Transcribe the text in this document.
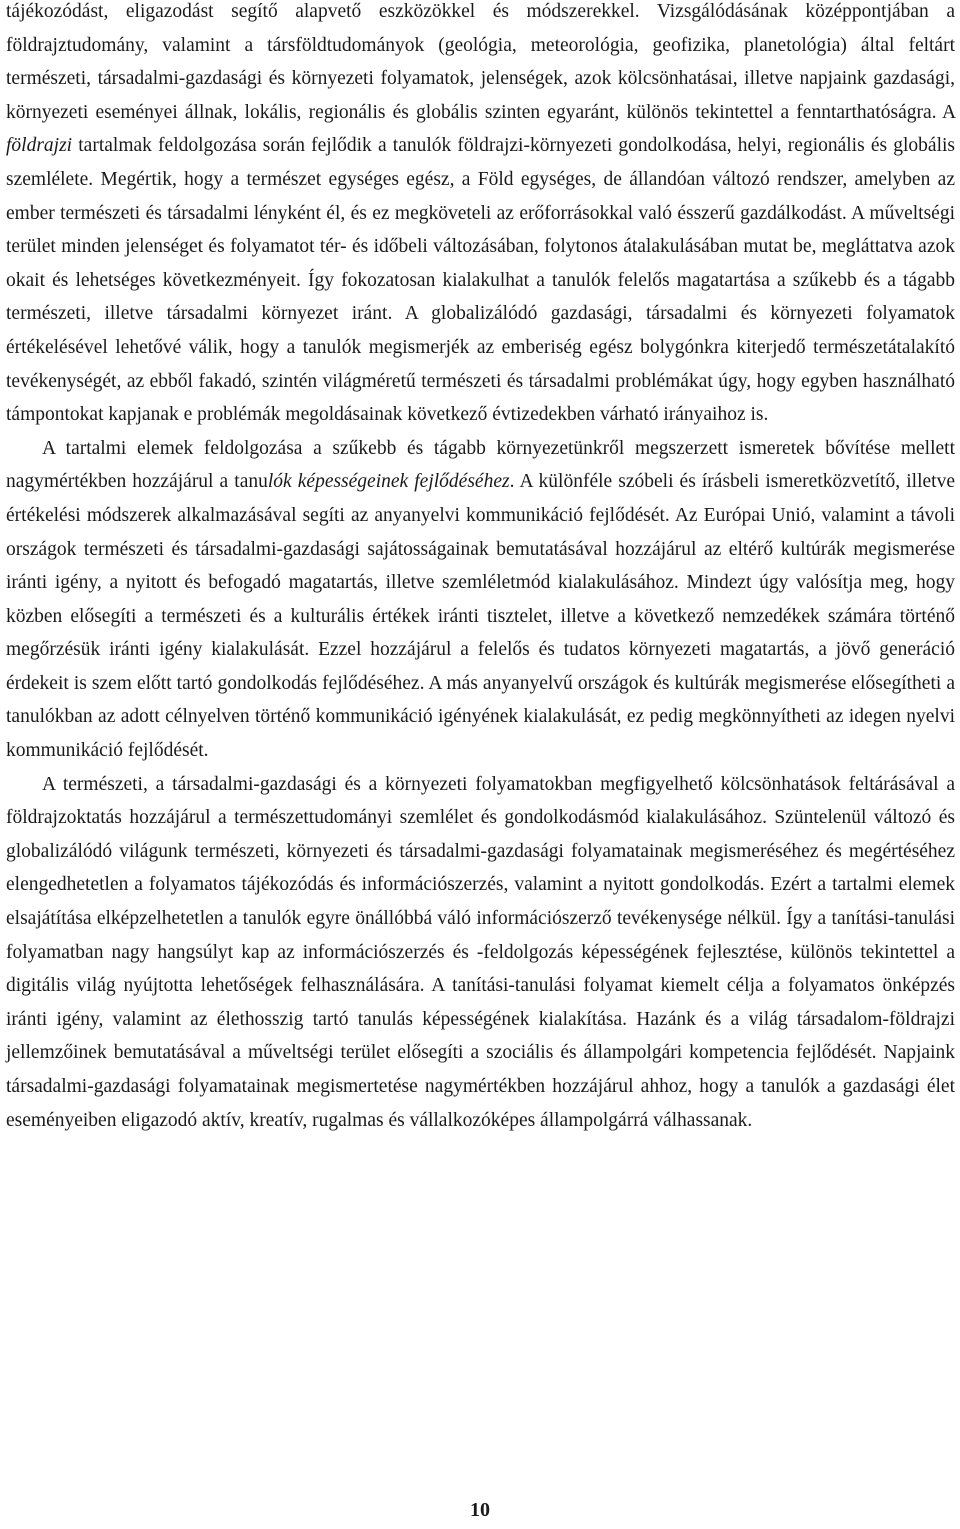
tájékozódást, eligazodást segítő alapvető eszközökkel és módszerekkel. Vizsgálódásának középpontjában a földrajztudomány, valamint a társföldtudományok (geológia, meteorológia, geofizika, planetológia) által feltárt természeti, társadalmi-gazdasági és környezeti folyamatok, jelenségek, azok kölcsönhatásai, illetve napjaink gazdasági, környezeti eseményei állnak, lokális, regionális és globális szinten egyaránt, különös tekintettel a fenntarthatóságra. A földrajzi tartalmak feldolgozása során fejlődik a tanulók földrajzi-környezeti gondolkodása, helyi, regionális és globális szemlélete. Megértik, hogy a természet egységes egész, a Föld egységes, de állandóan változó rendszer, amelyben az ember természeti és társadalmi lényként él, és ez megköveteli az erőforrásokkal való ésszerű gazdálkodást. A műveltségi terület minden jelenséget és folyamatot tér- és időbeli változásában, folytonos átalakulásában mutat be, megláttatva azok okait és lehetséges következményeit. Így fokozatosan kialakulhat a tanulók felelős magatartása a szűkebb és a tágabb természeti, illetve társadalmi környezet iránt. A globalizálódó gazdasági, társadalmi és környezeti folyamatok értékelésével lehetővé válik, hogy a tanulók megismerjék az emberiség egész bolygónkra kiterjedő természetátalakító tevékenységét, az ebből fakadó, szintén világméretű természeti és társadalmi problémákat úgy, hogy egyben használható támpontokat kapjanak e problémák megoldásainak következő évtizedekben várható irányaihoz is.

A tartalmi elemek feldolgozása a szűkebb és tágabb környezetünkről megszerzett ismeretek bővítése mellett nagymértékben hozzájárul a tanulók képességeinek fejlődéséhez. A különféle szóbeli és írásbeli ismeretközvetítő, illetve értékelési módszerek alkalmazásával segíti az anyanyelvi kommunikáció fejlődését. Az Európai Unió, valamint a távoli országok természeti és társadalmi-gazdasági sajátosságainak bemutatásával hozzájárul az eltérő kultúrák megismerése iránti igény, a nyitott és befogadó magatartás, illetve szemléletmód kialakulásához. Mindezt úgy valósítja meg, hogy közben elősegíti a természeti és a kulturális értékek iránti tisztelet, illetve a következő nemzedékek számára történő megőrzésük iránti igény kialakulását. Ezzel hozzájárul a felelős és tudatos környezeti magatartás, a jövő generáció érdekeit is szem előtt tartó gondolkodás fejlődéséhez. A más anyanyelvű országok és kultúrák megismerése elősegítheti a tanulókban az adott célnyelven történő kommunikáció igényének kialakulását, ez pedig megkönnyítheti az idegen nyelvi kommunikáció fejlődését.

A természeti, a társadalmi-gazdasági és a környezeti folyamatokban megfigyelhető kölcsönhatások feltárásával a földrajzoktatás hozzájárul a természettudományi szemlélet és gondolkodásmód kialakulásához. Szüntelenül változó és globalizálódó világunk természeti, környezeti és társadalmi-gazdasági folyamatainak megismeréséhez és megértéséhez elengedhetetlen a folyamatos tájékozódás és információszerzés, valamint a nyitott gondolkodás. Ezért a tartalmi elemek elsajátítása elképzelhetetlen a tanulók egyre önállóbbá váló információszerző tevékenysége nélkül. Így a tanítási-tanulási folyamatban nagy hangsúlyt kap az információszerzés és -feldolgozás képességének fejlesztése, különös tekintettel a digitális világ nyújtotta lehetőségek felhasználására. A tanítási-tanulási folyamat kiemelt célja a folyamatos önképzés iránti igény, valamint az élethosszig tartó tanulás képességének kialakítása. Hazánk és a világ társadalom-földrajzi jellemzőinek bemutatásával a műveltségi terület elősegíti a szociális és állampolgári kompetencia fejlődését. Napjaink társadalmi-gazdasági folyamatainak megismertetése nagymértékben hozzájárul ahhoz, hogy a tanulók a gazdasági élet eseményeiben eligazodó aktív, kreatív, rugalmas és vállalkozóképes állampolgárrá válhassanak.

10
